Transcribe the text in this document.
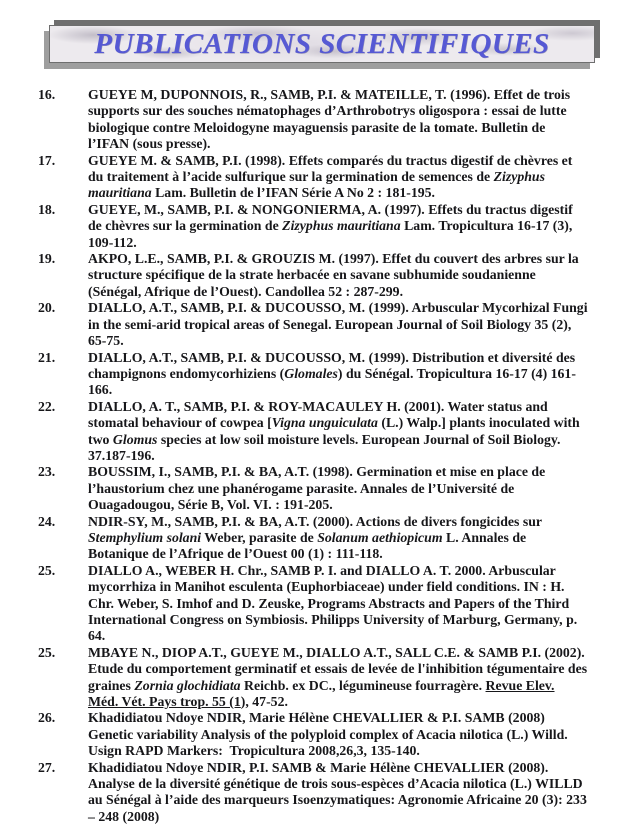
PUBLICATIONS SCIENTIFIQUES
16.	GUEYE M, DUPONNOIS, R., SAMB, P.I. & MATEILLE, T. (1996). Effet de trois supports sur des souches nématophages d’Arthrobotrys oligospora : essai de lutte biologique contre Meloidogyne mayaguensis parasite de la tomate. Bulletin de l’IFAN (sous presse).
17.	GUEYE M. & SAMB, P.I. (1998). Effets comparés du tractus digestif de chèvres et du traitement à l’acide sulfurique sur la germination de semences de Zizyphus mauritiana Lam. Bulletin de l’IFAN Série A No 2 : 181-195.
18.	GUEYE, M., SAMB, P.I. & NONGONIERMA, A. (1997). Effets du tractus digestif de chèvres sur la germination de Zizyphus mauritiana Lam. Tropicultura 16-17 (3), 109-112.
19.	AKPO, L.E., SAMB, P.I. & GROUZIS M. (1997). Effet du couvert des arbres sur la structure spécifique de la strate herbacée en savane subhumide soudanienne (Sénégal, Afrique de l’Ouest). Candollea 52 : 287-299.
20.	DIALLO, A.T., SAMB, P.I. & DUCOUSSO, M. (1999). Arbuscular Mycorhizal Fungi in the semi-arid tropical areas of Senegal. European Journal of Soil Biology 35 (2), 65-75.
21.	DIALLO, A.T., SAMB, P.I. & DUCOUSSO, M. (1999). Distribution et diversité des champignons endomycorhiziens (Glomales) du Sénégal. Tropicultura 16-17 (4) 161-166.
22.	DIALLO, A. T., SAMB, P.I. & ROY-MACAULEY H. (2001). Water status and stomatal behaviour of cowpea [Vigna unguiculata (L.) Walp.] plants inoculated with two Glomus species at low soil moisture levels. European Journal of Soil Biology. 37.187-196.
23.	BOUSSIM, I., SAMB, P.I. & BA, A.T. (1998). Germination et mise en place de l’haustorium chez une phanérogame parasite. Annales de l’Université de Ouagadougou, Série B, Vol. VI. : 191-205.
24.	NDIR-SY, M., SAMB, P.I. & BA, A.T. (2000). Actions de divers fongicides sur Stemphylium solani Weber, parasite de Solanum aethiopicum L. Annales de Botanique de l’Afrique de l’Ouest 00 (1) : 111-118.
25.	DIALLO A., WEBER H. Chr., SAMB P. I. and DIALLO A. T. 2000. Arbuscular mycorrhiza in Manihot esculenta (Euphorbiaceae) under field conditions. IN : H. Chr. Weber, S. Imhof and D. Zeuske, Programs Abstracts and Papers of the Third International Congress on Symbiosis. Philipps University of Marburg, Germany, p. 64.
25.	MBAYE N., DIOP A.T., GUEYE M., DIALLO A.T., SALL C.E. & SAMB P.I. (2002). Etude du comportement germinatif et essais de levée de l'inhibition tégumentaire des graines Zornia glochidiata Reichb. ex DC., légumineuse fourragère. Revue Elev. Méd. Vét. Pays trop. 55 (1), 47-52.
26.	Khadidiatou Ndoye NDIR, Marie Hélène CHEVALLIER & P.I. SAMB (2008) Genetic variability Analysis of the polyploid complex of Acacia nilotica (L.) Willd. Usign RAPD Markers:  Tropicultura 2008,26,3, 135-140.
27.	Khadidiatou Ndoye NDIR, P.I. SAMB & Marie Hélène CHEVALLIER (2008). Analyse de la diversité génétique de trois sous-espèces d’Acacia nilotica (L.) WILLD au Sénégal à l’aide des marqueurs Isoenzymatiques: Agronomie Africaine 20 (3): 233 – 248 (2008)
